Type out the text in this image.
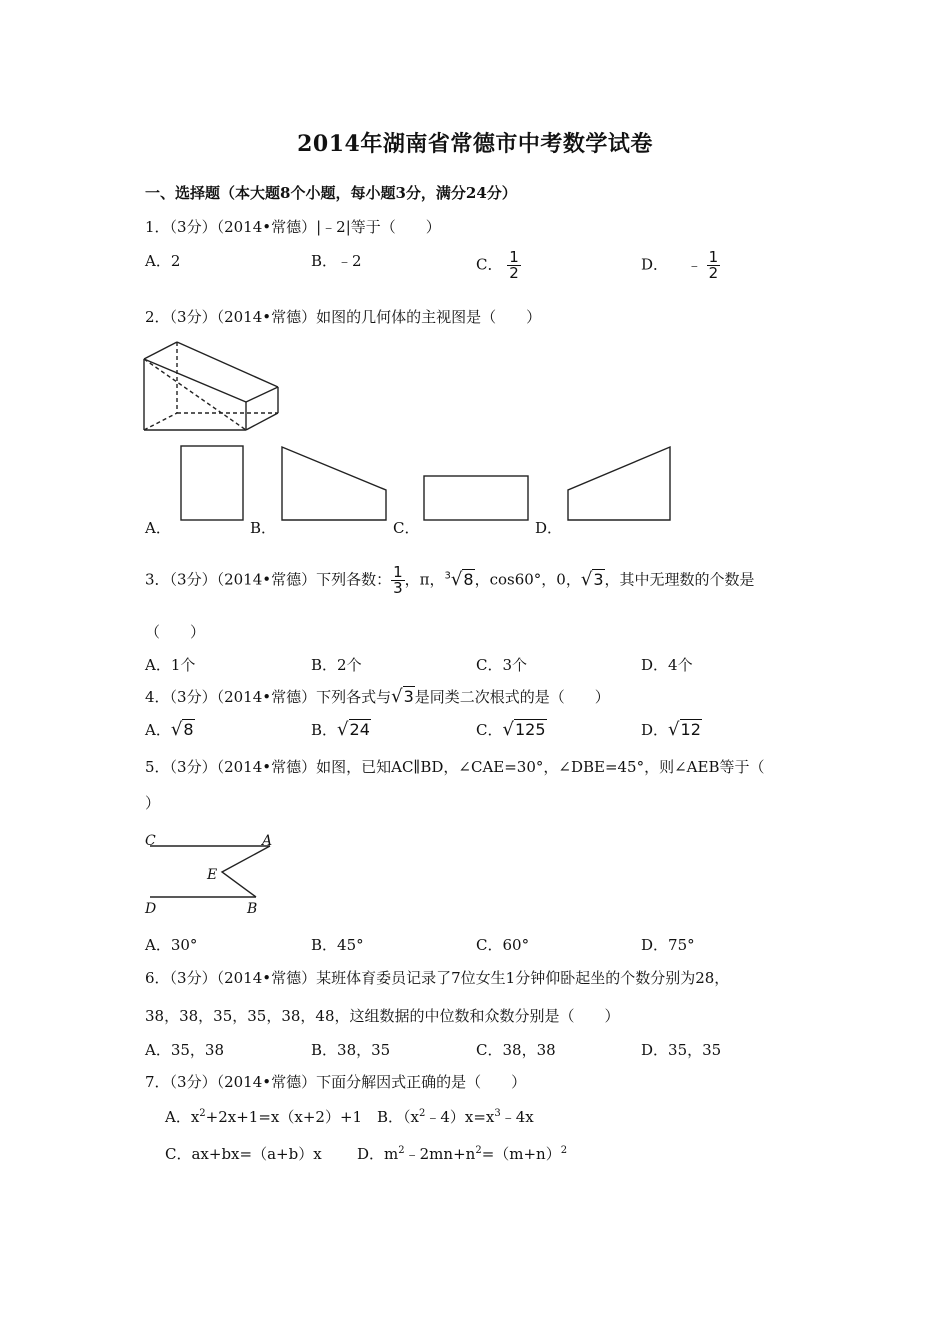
2014年湖南省常德市中考数学试卷
一、选择题（本大题8个小题，每小题3分，满分24分）
1．（3分）（2014•常德）|﹣2|等于（　　）
A．2	B．﹣2	C． $\frac{1}{2}$	D． ﹣ $\frac{1}{2}$
2．（3分）（2014•常德）如图的几何体的主视图是（　　）
A．	B．	C．	D．
3．（3分）（2014•常德）下列各数： $\frac{1}{3}$ ，π，$^3$√8，cos60°，0，√3，其中无理数的个数是
（　　）
A．1个	B．2个	C．3个	D．4个
4．（3分）（2014•常德）下列各式与√3是同类二次根式的是（　　）
A．√8	B．√24	C．√125	D．√12
5．（3分）（2014•常德）如图，已知AC∥BD，∠CAE=30°，∠DBE=45°，则∠AEB等于（
）
C	A
E
D	B
A．30°	B．45°	C．60°	D．75°
6．（3分）（2014•常德）某班体育委员记录了7位女生1分钟仰卧起坐的个数分别为28，
38，38，35，35，38，48，这组数据的中位数和众数分别是（　　）
A．35，38	B．38，35	C．38，38	D．35，35
7．（3分）（2014•常德）下面分解因式正确的是（　　）
A．$x^2+2x+1=x(x+2)+1$ B．$(x^2﹣4)x=x^3﹣4x$
C．ax+bx=（a+b）x D．$m^2﹣2mn+n^2=(m+n)^2$
